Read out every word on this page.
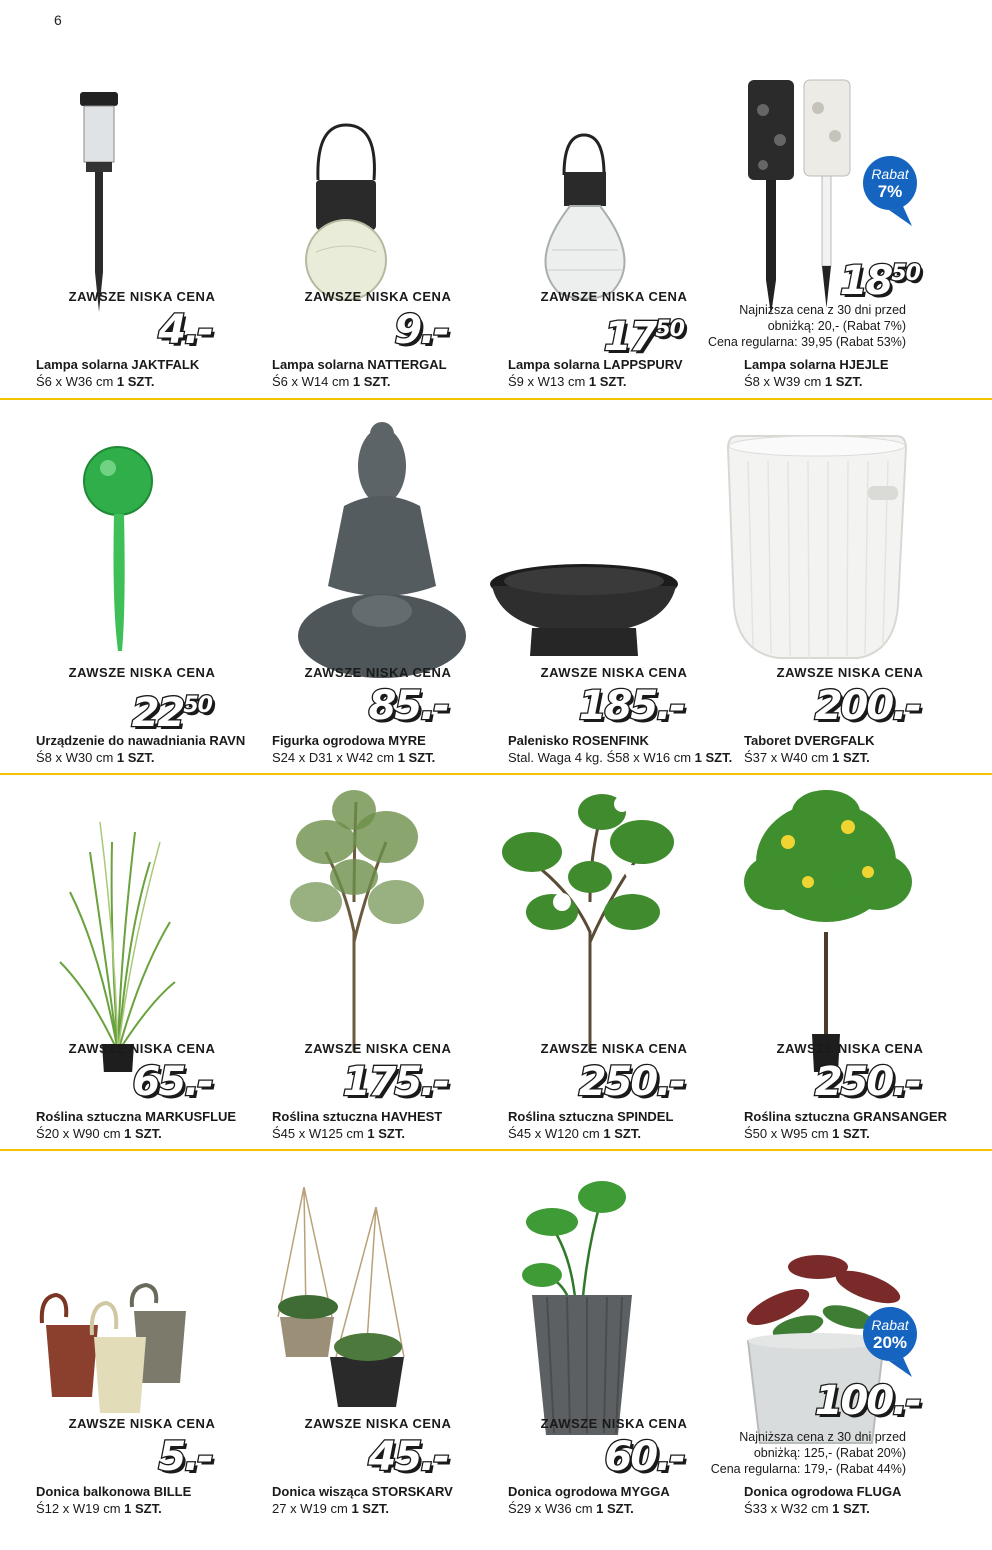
6
ZAWSZE NISKA CENA
4.-
Lampa solarna JAKTFALK
Ś6 x W36 cm 1 SZT.
ZAWSZE NISKA CENA
9.-
Lampa solarna NATTERGAL
Ś6 x W14 cm 1 SZT.
ZAWSZE NISKA CENA
$17^{50}$
Lampa solarna LAPPSPURV
Ś9 x W13 cm 1 SZT.
Najniższa cena z 30 dni przed
obniżką: 20,- (Rabat 7%)
Cena regularna: 39,95 (Rabat 53%)
Rabat
7%
$18^{50}$
Lampa solarna HJEJLE
Ś8 x W39 cm 1 SZT.
ZAWSZE NISKA CENA
$22^{50}$
Urządzenie do nawadniania RAVN
Ś8 x W30 cm 1 SZT.
ZAWSZE NISKA CENA
85.-
Figurka ogrodowa MYRE
S24 x D31 x W42 cm 1 SZT.
ZAWSZE NISKA CENA
185.-
Palenisko ROSENFINK
Stal. Waga 4 kg. Ś58 x W16 cm 1 SZT.
ZAWSZE NISKA CENA
200.-
Taboret DVERGFALK
Ś37 x W40 cm 1 SZT.
ZAWSZE NISKA CENA
65.-
Roślina sztuczna MARKUSFLUE
Ś20 x W90 cm 1 SZT.
ZAWSZE NISKA CENA
175.-
Roślina sztuczna HAVHEST
Ś45 x W125 cm 1 SZT.
ZAWSZE NISKA CENA
250.-
Roślina sztuczna SPINDEL
Ś45 x W120 cm 1 SZT.
ZAWSZE NISKA CENA
250.-
Roślina sztuczna GRANSANGER
Ś50 x W95 cm 1 SZT.
ZAWSZE NISKA CENA
5.-
Donica balkonowa BILLE
Ś12 x W19 cm 1 SZT.
ZAWSZE NISKA CENA
45.-
Donica wisząca STORSKARV
27 x W19 cm 1 SZT.
ZAWSZE NISKA CENA
60.-
Donica ogrodowa MYGGA
Ś29 x W36 cm 1 SZT.
Najniższa cena z 30 dni przed
obniżką: 125,- (Rabat 20%)
Cena regularna: 179,- (Rabat 44%)
Rabat
20%
100.-
Donica ogrodowa FLUGA
Ś33 x W32 cm 1 SZT.
